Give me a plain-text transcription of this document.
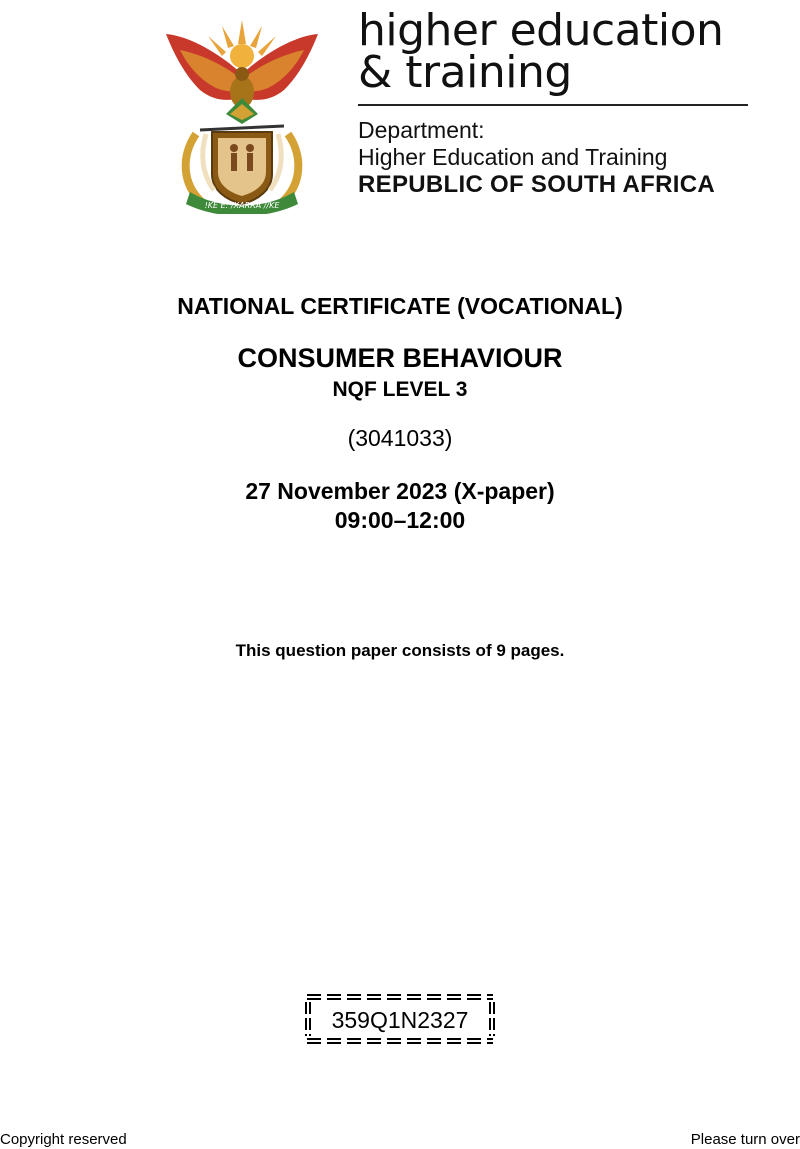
!KE E: /XARRA //KE
higher education
& training
Department:
Higher Education and Training
REPUBLIC OF SOUTH AFRICA
NATIONAL CERTIFICATE (VOCATIONAL)
CONSUMER BEHAVIOUR
NQF LEVEL 3
(3041033)
27 November 2023 (X-paper)
09:00–12:00
This question paper consists of 9 pages.
359Q1N2327
Copyright reserved	Please turn over
